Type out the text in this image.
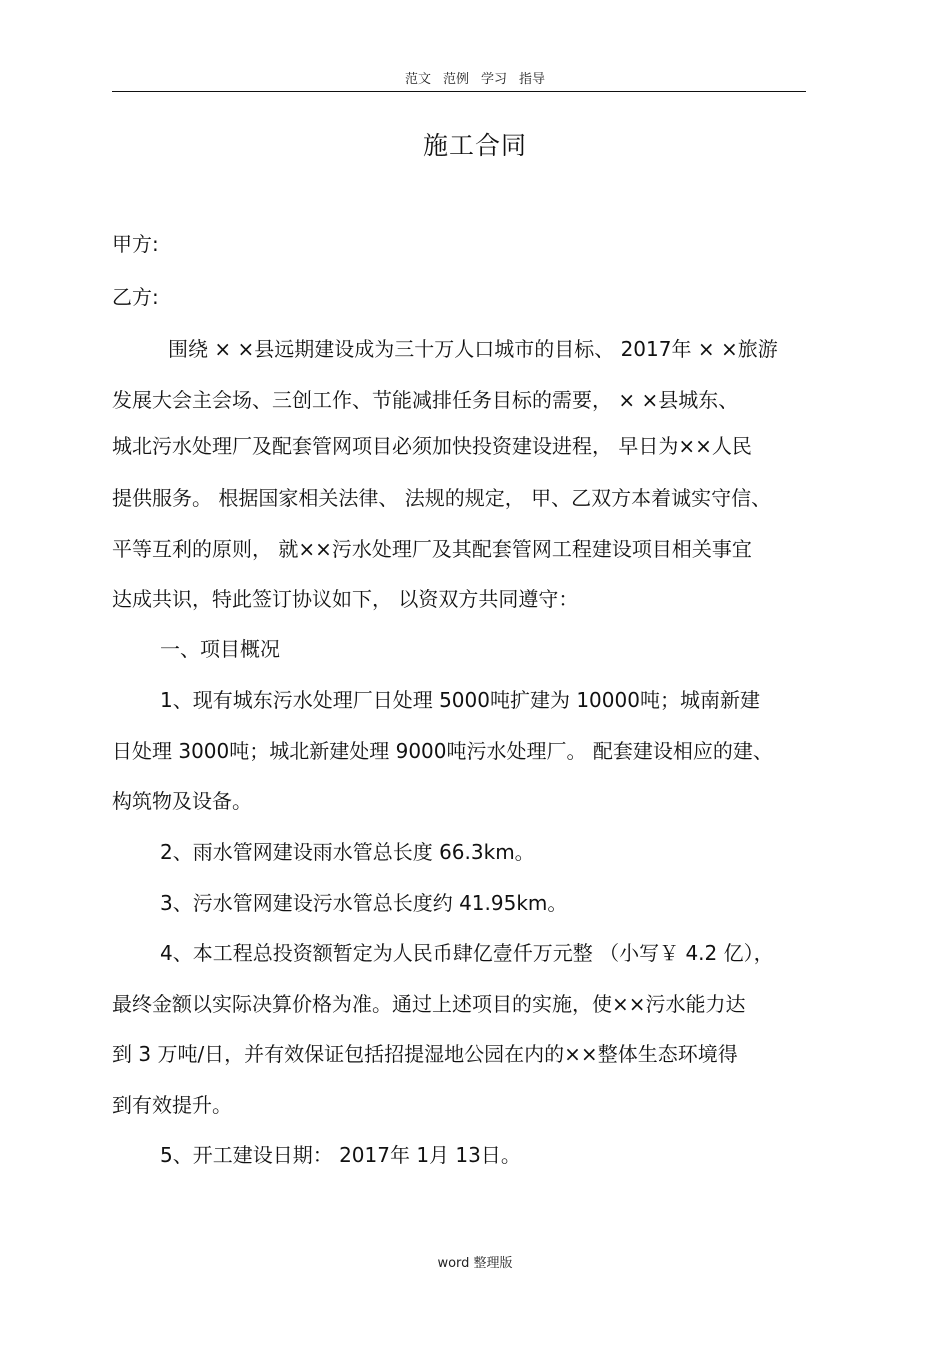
范文 范例 学习 指导
施工合同
甲方:
乙方:
围绕 × ×县远期建设成为三十万人口城市的目标、 2017年 × ×旅游
发展大会主会场、三创工作、节能减排任务目标的需要， × ×县城东、
城北污水处理厂及配套管网项目必须加快投资建设进程， 早日为××人民
提供服务。 根据国家相关法律、 法规的规定， 甲、乙双方本着诚实守信、
平等互利的原则， 就××污水处理厂及其配套管网工程建设项目相关事宜
达成共识，特此签订协议如下， 以资双方共同遵守：
一、项目概况
1、现有城东污水处理厂日处理 5000吨扩建为 10000吨；城南新建
日处理 3000吨；城北新建处理 9000吨污水处理厂。 配套建设相应的建、
构筑物及设备。
2、雨水管网建设雨水管总长度 66.3km。
3、污水管网建设污水管总长度约 41.95km。
4、本工程总投资额暂定为人民币肆亿壹仟万元整 （小写￥ 4.2 亿），
最终金额以实际决算价格为准。通过上述项目的实施，使××污水能力达
到 3 万吨/日，并有效保证包括招提湿地公园在内的××整体生态环境得
到有效提升。
5、开工建设日期： 2017年 1月 13日。
word 整理版
